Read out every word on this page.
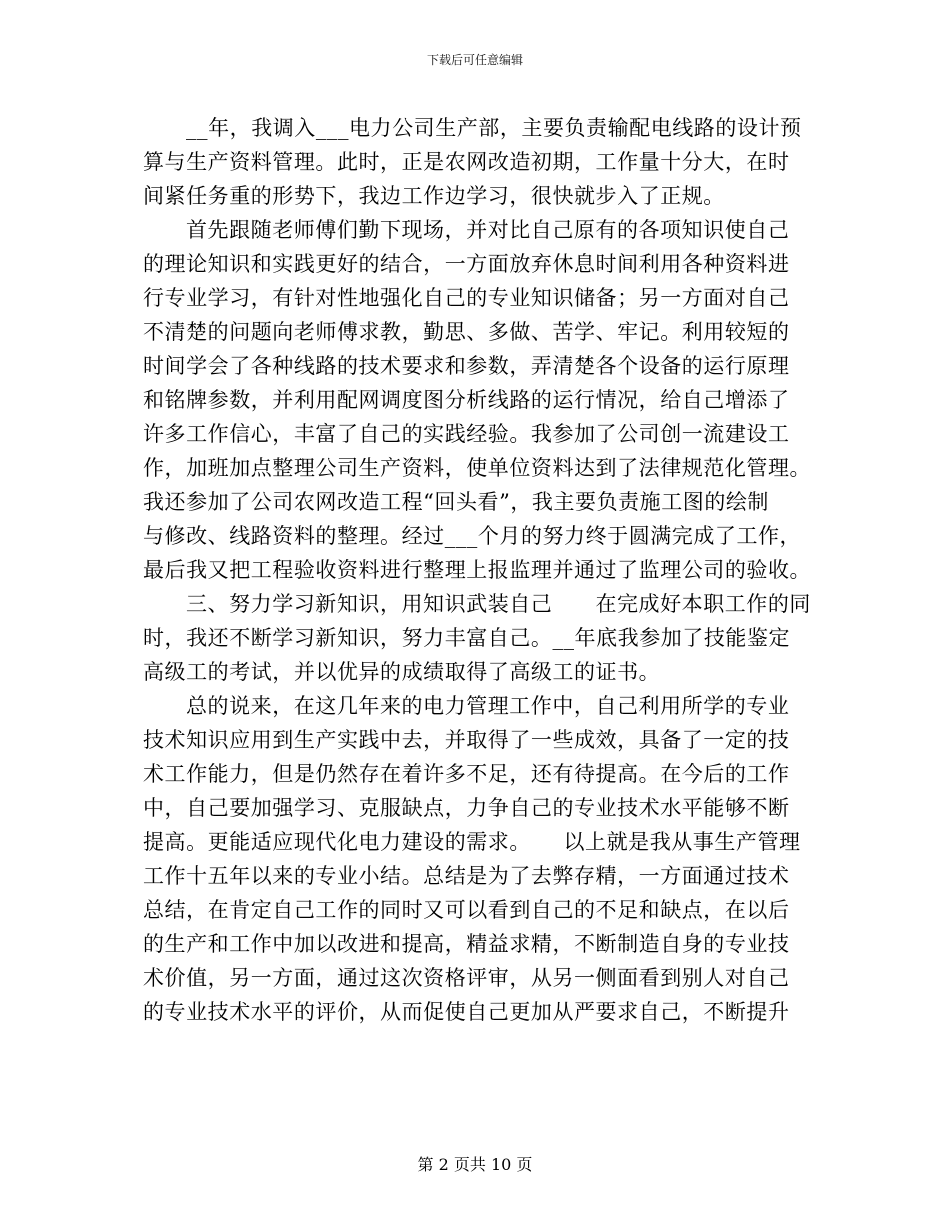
下载后可任意编辑
__年，我调入___电力公司生产部，主要负责输配电线路的设计预
算与生产资料管理。此时，正是农网改造初期，工作量十分大，在时
间紧任务重的形势下，我边工作边学习，很快就步入了正规。
首先跟随老师傅们勤下现场，并对比自己原有的各项知识使自己
的理论知识和实践更好的结合，一方面放弃休息时间利用各种资料进
行专业学习，有针对性地强化自己的专业知识储备；另一方面对自己
不清楚的问题向老师傅求教，勤思、多做、苦学、牢记。利用较短的
时间学会了各种线路的技术要求和参数，弄清楚各个设备的运行原理
和铭牌参数，并利用配网调度图分析线路的运行情况，给自己增添了
许多工作信心，丰富了自己的实践经验。我参加了公司创一流建设工
作，加班加点整理公司生产资料，使单位资料达到了法律规范化管理。
我还参加了公司农网改造工程“回头看”，我主要负责施工图的绘制
与修改、线路资料的整理。经过___个月的努力终于圆满完成了工作，
最后我又把工程验收资料进行整理上报监理并通过了监理公司的验收。
三、努力学习新知识，用知识武装自己　　在完成好本职工作的同
时，我还不断学习新知识，努力丰富自己。__年底我参加了技能鉴定
高级工的考试，并以优异的成绩取得了高级工的证书。
总的说来，在这几年来的电力管理工作中，自己利用所学的专业
技术知识应用到生产实践中去，并取得了一些成效，具备了一定的技
术工作能力，但是仍然存在着许多不足，还有待提高。在今后的工作
中，自己要加强学习、克服缺点，力争自己的专业技术水平能够不断
提高。更能适应现代化电力建设的需求。　　以上就是我从事生产管理
工作十五年以来的专业小结。总结是为了去弊存精，一方面通过技术
总结，在肯定自己工作的同时又可以看到自己的不足和缺点，在以后
的生产和工作中加以改进和提高，精益求精，不断制造自身的专业技
术价值，另一方面，通过这次资格评审，从另一侧面看到别人对自己
的专业技术水平的评价，从而促使自己更加从严要求自己，不断提升
第 2 页共 10 页
